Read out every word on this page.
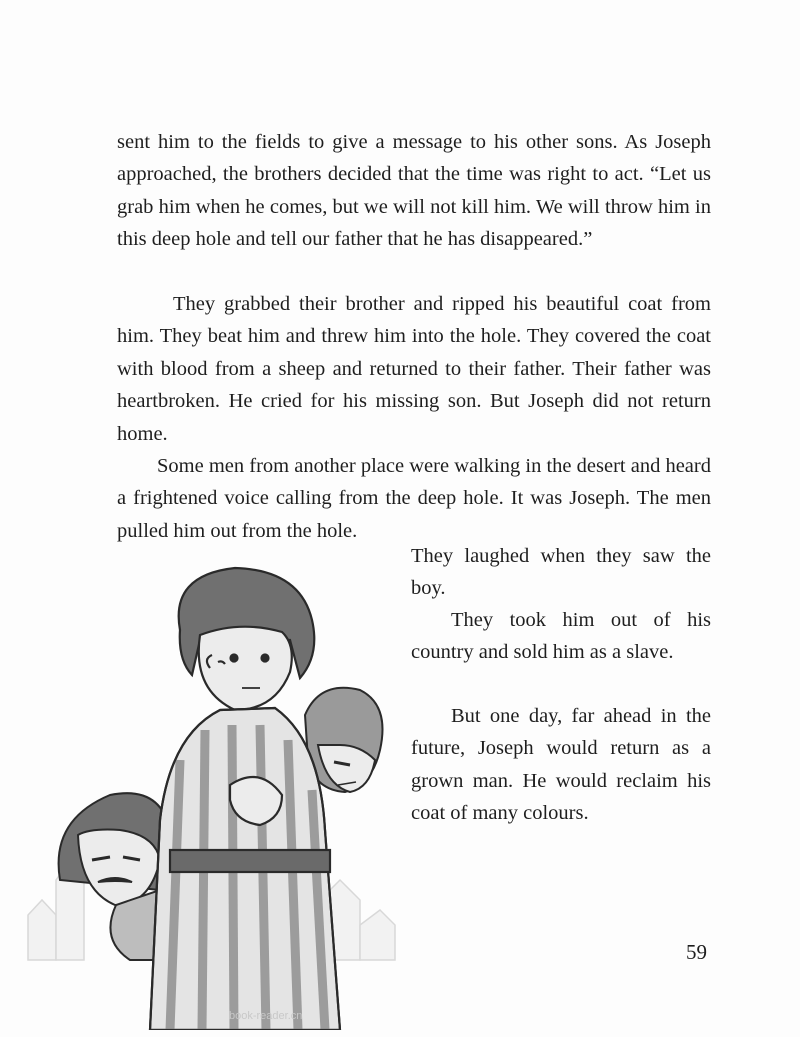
sent him to the fields to give a message to his other sons. As Joseph approached, the brothers decided that the time was right to act. “Let us grab him when he comes, but we will not kill him. We will throw him in this deep hole and tell our father that he has disappeared.”

They grabbed their brother and ripped his beautiful coat from him. They beat him and threw him into the hole. They covered the coat with blood from a sheep and returned to their father. Their father was heartbroken. He cried for his missing son. But Joseph did not return home.

Some men from another place were walking in the desert and heard a frightened voice calling from the deep hole. It was Joseph. The men pulled him out from the hole.

They laughed when they saw the boy.

They took him out of his country and sold him as a slave.

But one day, far ahead in the future, Joseph would return as a grown man. He would reclaim his coat of many colours.

59
book-reader.cn
